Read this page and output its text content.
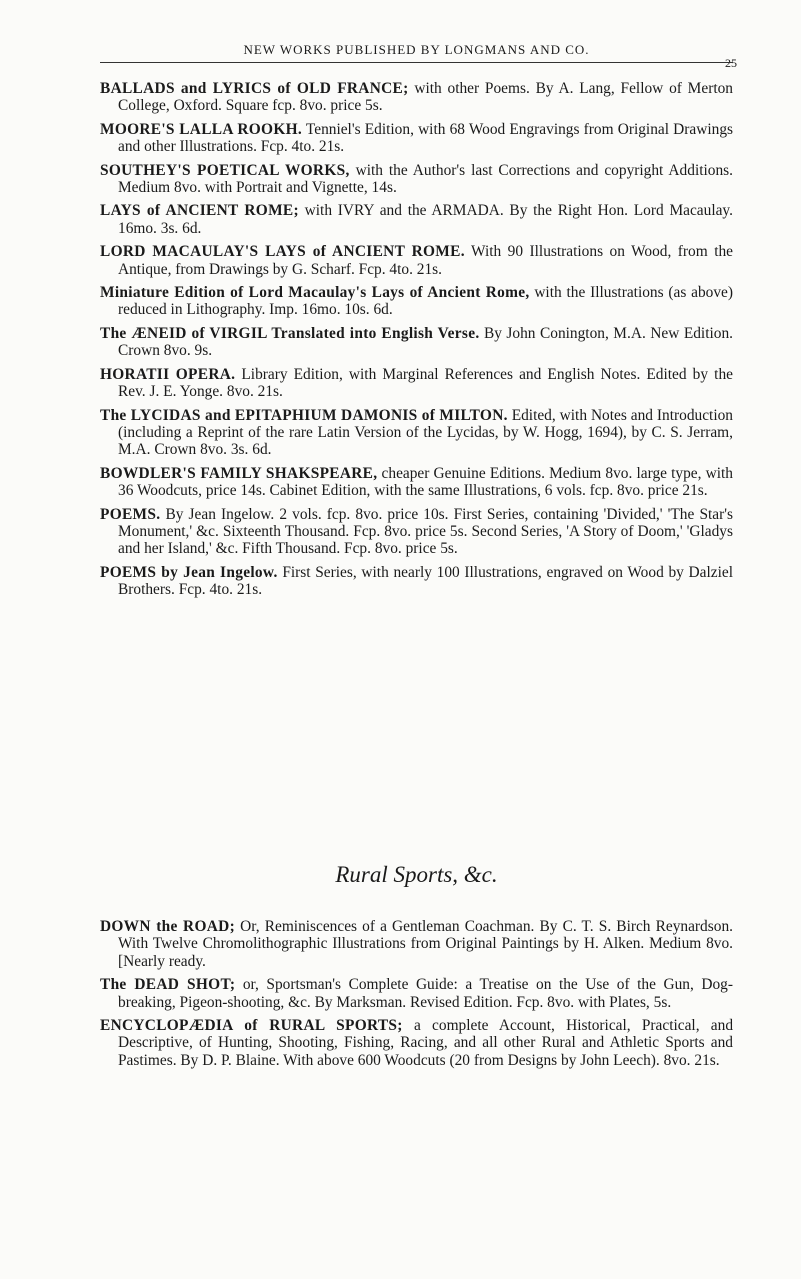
NEW WORKS PUBLISHED BY LONGMANS AND CO.
25

BALLADS and LYRICS of OLD FRANCE; with other Poems. By A. Lang, Fellow of Merton College, Oxford. Square fcp. 8vo. price 5s.

MOORE'S LALLA ROOKH. Tenniel's Edition, with 68 Wood Engravings from Original Drawings and other Illustrations. Fcp. 4to. 21s.

SOUTHEY'S POETICAL WORKS, with the Author's last Corrections and copyright Additions. Medium 8vo. with Portrait and Vignette, 14s.

LAYS of ANCIENT ROME; with IVRY and the ARMADA. By the Right Hon. Lord Macaulay. 16mo. 3s. 6d.

LORD MACAULAY'S LAYS of ANCIENT ROME. With 90 Illustrations on Wood, from the Antique, from Drawings by G. Scharf. Fcp. 4to. 21s.

Miniature Edition of Lord Macaulay's Lays of Ancient Rome, with the Illustrations (as above) reduced in Lithography. Imp. 16mo. 10s. 6d.

The ÆNEID of VIRGIL Translated into English Verse. By John Conington, M.A. New Edition. Crown 8vo. 9s.

HORATII OPERA. Library Edition, with Marginal References and English Notes. Edited by the Rev. J. E. Yonge. 8vo. 21s.

The LYCIDAS and EPITAPHIUM DAMONIS of MILTON. Edited, with Notes and Introduction (including a Reprint of the rare Latin Version of the Lycidas, by W. Hogg, 1694), by C. S. Jerram, M.A. Crown 8vo. 3s. 6d.

BOWDLER'S FAMILY SHAKSPEARE, cheaper Genuine Editions. Medium 8vo. large type, with 36 Woodcuts, price 14s. Cabinet Edition, with the same Illustrations, 6 vols. fcp. 8vo. price 21s.

POEMS. By Jean Ingelow. 2 vols. fcp. 8vo. price 10s. First Series, containing 'Divided,' 'The Star's Monument,' &c. Sixteenth Thousand. Fcp. 8vo. price 5s. Second Series, 'A Story of Doom,' 'Gladys and her Island,' &c. Fifth Thousand. Fcp. 8vo. price 5s.

POEMS by Jean Ingelow. First Series, with nearly 100 Illustrations, engraved on Wood by Dalziel Brothers. Fcp. 4to. 21s.

Rural Sports, &c.

DOWN the ROAD; Or, Reminiscences of a Gentleman Coachman. By C. T. S. Birch Reynardson. With Twelve Chromolithographic Illustrations from Original Paintings by H. Alken. Medium 8vo. [Nearly ready.

The DEAD SHOT; or, Sportsman's Complete Guide: a Treatise on the Use of the Gun, Dog-breaking, Pigeon-shooting, &c. By Marksman. Revised Edition. Fcp. 8vo. with Plates, 5s.

ENCYCLOPÆDIA of RURAL SPORTS; a complete Account, Historical, Practical, and Descriptive, of Hunting, Shooting, Fishing, Racing, and all other Rural and Athletic Sports and Pastimes. By D. P. Blaine. With above 600 Woodcuts (20 from Designs by John Leech). 8vo. 21s.
